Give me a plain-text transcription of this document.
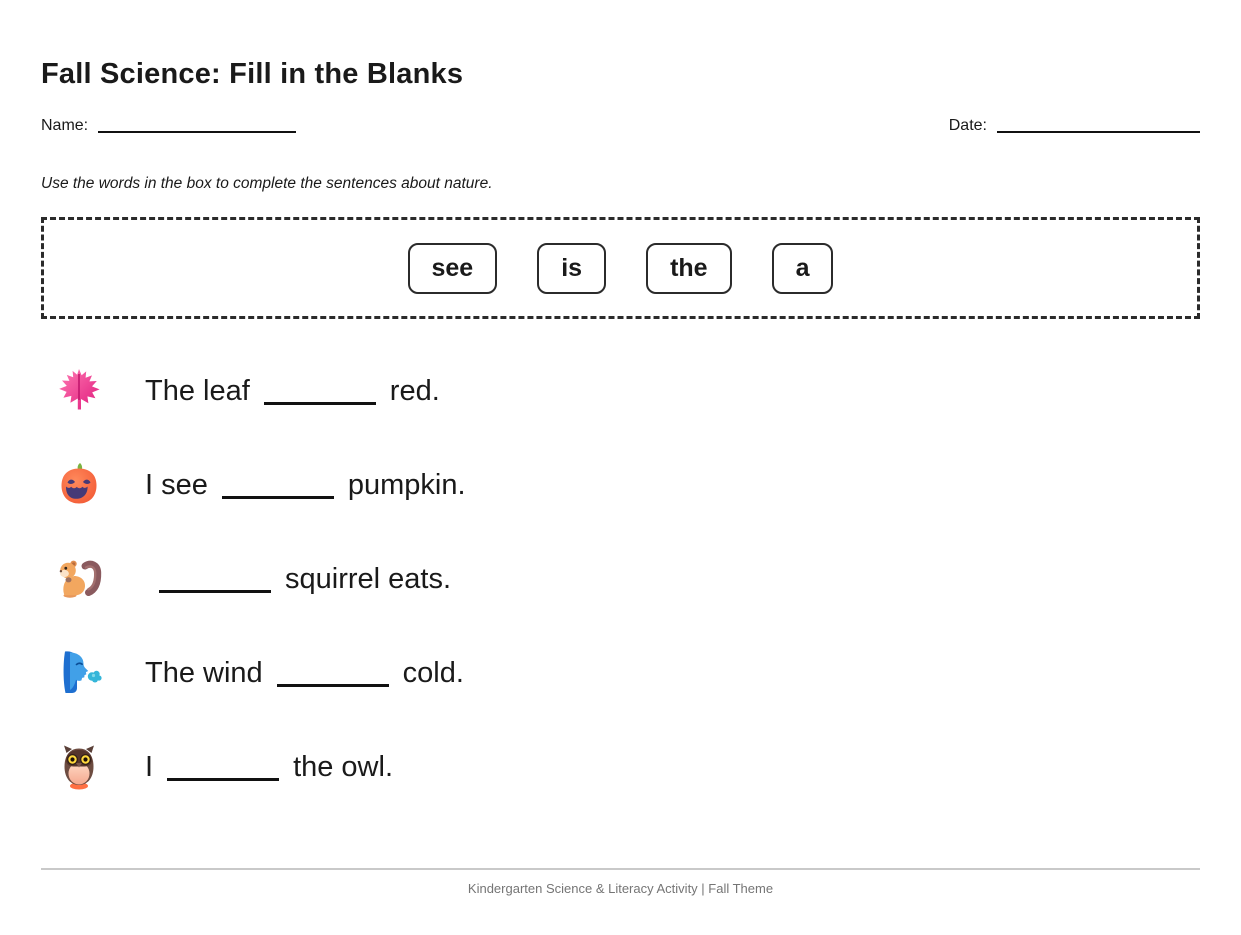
Fall Science: Fill in the Blanks
Name:	Date:
Use the words in the box to complete the sentences about nature.
see	is	the	a
The leaf	red.
I see	pumpkin.
squirrel eats.
The wind	cold.
I	the owl.
Kindergarten Science & Literacy Activity | Fall Theme
